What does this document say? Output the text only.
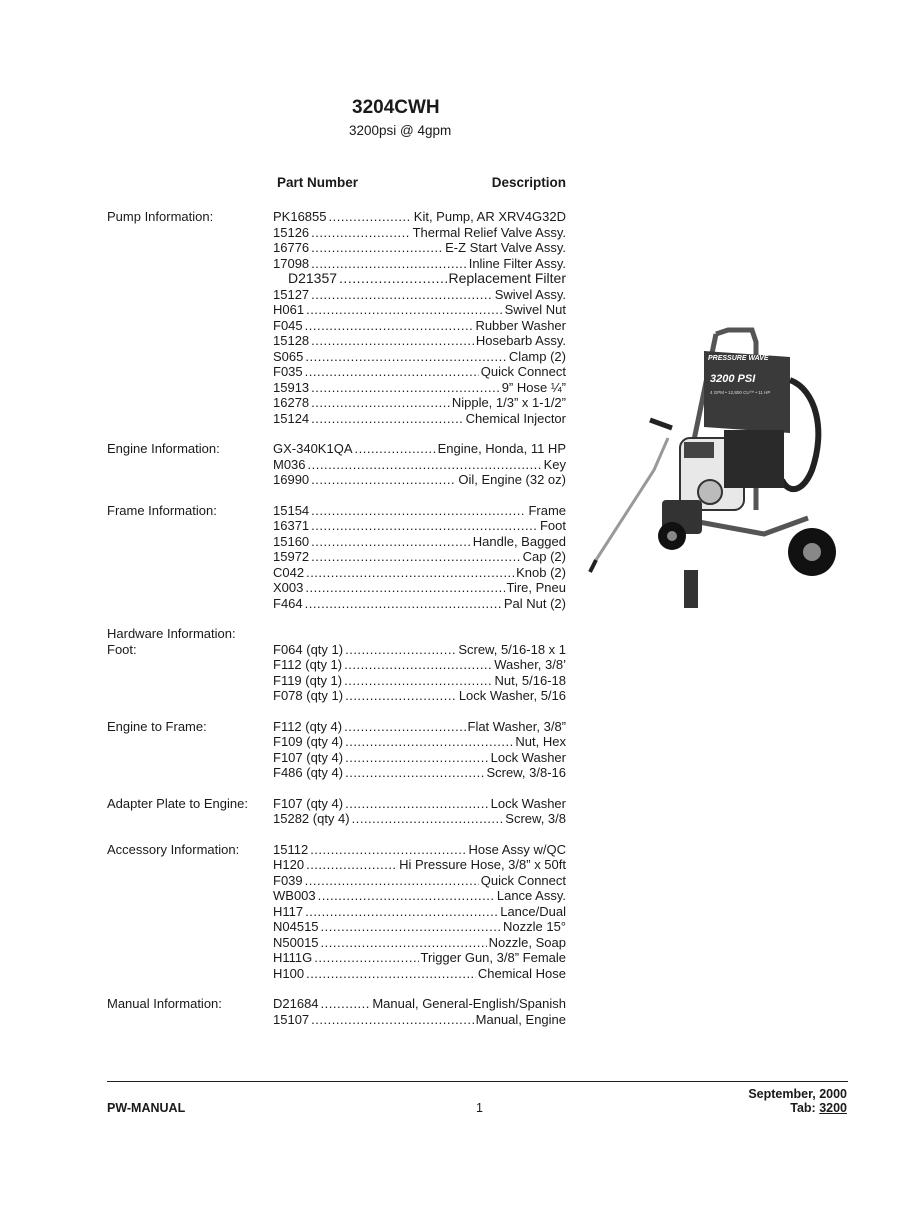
3204CWH
3200psi @ 4gpm
Part Number	Description
Pump Information:	PK16855 .....	Kit, Pump, AR XRV4G32D
15126 .....	Thermal Relief Valve Assy.
16776 .....	E-Z Start Valve Assy.
17098 .....	Inline Filter Assy.
D21357 .....	Replacement Filter
15127 .....	Swivel Assy.
H061 .....	Swivel Nut
F045 .....	Rubber Washer
15128 .....	Hosebarb Assy.
S065 .....	Clamp (2)
F035 .....	Quick Connect
15913 .....	9” Hose ¼”
16278 .....	Nipple, 1/3” x 1-1/2”
15124 .....	Chemical Injector
Engine Information:	GX-340K1QA .....	Engine, Honda, 11 HP
M036 .....	Key
16990 .....	Oil, Engine (32 oz)
Frame Information:	15154 .....	Frame
16371 .....	Foot
15160 .....	Handle, Bagged
15972 .....	Cap (2)
C042 .....	Knob (2)
X003 .....	Tire, Pneu
F464 .....	Pal Nut (2)
Hardware Information:
Foot:	F064 (qty 1) .....	Screw, 5/16-18 x 1
F112 (qty 1) .....	Washer, 3/8’
F119 (qty 1) .....	Nut, 5/16-18
F078 (qty 1) .....	Lock Washer, 5/16
Engine to Frame:	F112 (qty 4) .....	Flat Washer, 3/8”
F109 (qty 4) .....	Nut, Hex
F107 (qty 4) .....	Lock Washer
F486 (qty 4) .....	Screw, 3/8-16
Adapter Plate to Engine: F107 (qty 4) .....	Lock Washer
15282 (qty 4) .....	Screw, 3/8
Accessory Information:	15112 .....	Hose Assy w/QC
H120 .....	Hi Pressure Hose, 3/8” x 50ft
F039 .....	Quick Connect
WB003 .....	Lance Assy.
H117 .....	Lance/Dual
N04515 .....	Nozzle 15°
N50015 .....	Nozzle, Soap
H111G .....	Trigger Gun, 3/8” Female
H100 .....	Chemical Hose
Manual Information:	D21684 .....	Manual, General-English/Spanish
15107 .....	Manual, Engine
PRESSURE WAVE
3200 PSI
4 GPM • 12,800 CU™ • 11 HP
PW-MANUAL	1
September, 2000
Tab: 3200
